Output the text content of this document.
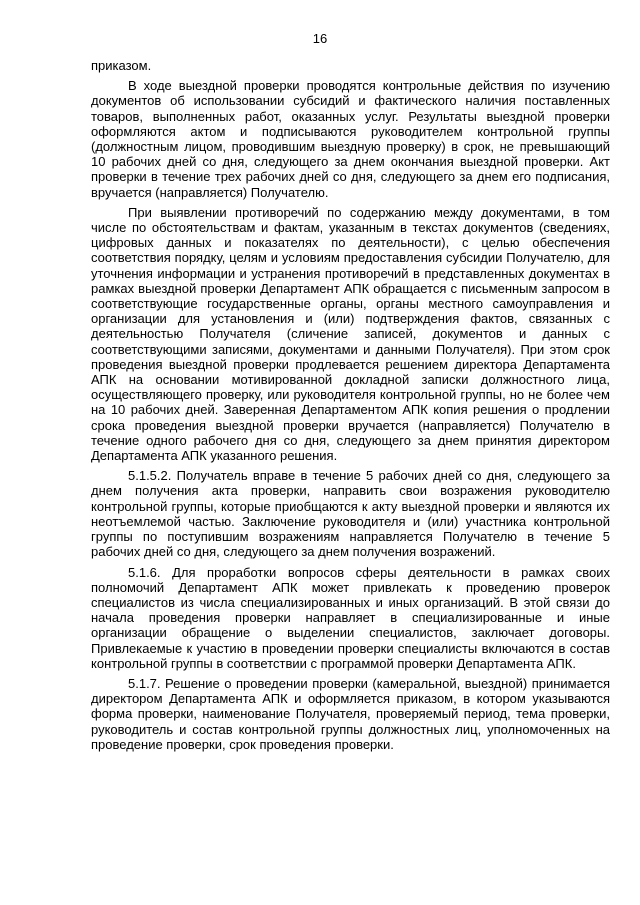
16

приказом.

В ходе выездной проверки проводятся контрольные действия по изучению документов об использовании субсидий и фактического наличия поставленных товаров, выполненных работ, оказанных услуг. Результаты выездной проверки оформляются актом и подписываются руководителем контрольной группы (должностным лицом, проводившим выездную проверку) в срок, не превышающий 10 рабочих дней со дня, следующего за днем окончания выездной проверки. Акт проверки в течение трех рабочих дней со дня, следующего за днем его подписания, вручается (направляется) Получателю.

При выявлении противоречий по содержанию между документами, в том числе по обстоятельствам и фактам, указанным в текстах документов (сведениях, цифровых данных и показателях по деятельности), с целью обеспечения соответствия порядку, целям и условиям предоставления субсидии Получателю, для уточнения информации и устранения противоречий в представленных документах в рамках выездной проверки Департамент АПК обращается с письменным запросом в соответствующие государственные органы, органы местного самоуправления и организации для установления и (или) подтверждения фактов, связанных с деятельностью Получателя (сличение записей, документов и данных с соответствующими записями, документами и данными Получателя). При этом срок проведения выездной проверки продлевается решением директора Департамента АПК на основании мотивированной докладной записки должностного лица, осуществляющего проверку, или руководителя контрольной группы, но не более чем на 10 рабочих дней. Заверенная Департаментом АПК копия решения о продлении срока проведения выездной проверки вручается (направляется) Получателю в течение одного рабочего дня со дня, следующего за днем принятия директором Департамента АПК указанного решения.

5.1.5.2. Получатель вправе в течение 5 рабочих дней со дня, следующего за днем получения акта проверки, направить свои возражения руководителю контрольной группы, которые приобщаются к акту выездной проверки и являются их неотъемлемой частью. Заключение руководителя и (или) участника контрольной группы по поступившим возражениям направляется Получателю в течение 5 рабочих дней со дня, следующего за днем получения возражений.

5.1.6. Для проработки вопросов сферы деятельности в рамках своих полномочий Департамент АПК может привлекать к проведению проверок специалистов из числа специализированных и иных организаций. В этой связи до начала проведения проверки направляет в специализированные и иные организации обращение о выделении специалистов, заключает договоры. Привлекаемые к участию в проведении проверки специалисты включаются в состав контрольной группы в соответствии с программой проверки Департамента АПК.

5.1.7. Решение о проведении проверки (камеральной, выездной) принимается директором Департамента АПК и оформляется приказом, в котором указываются форма проверки, наименование Получателя, проверяемый период, тема проверки, руководитель и состав контрольной группы должностных лиц, уполномоченных на проведение проверки, срок проведения проверки.
